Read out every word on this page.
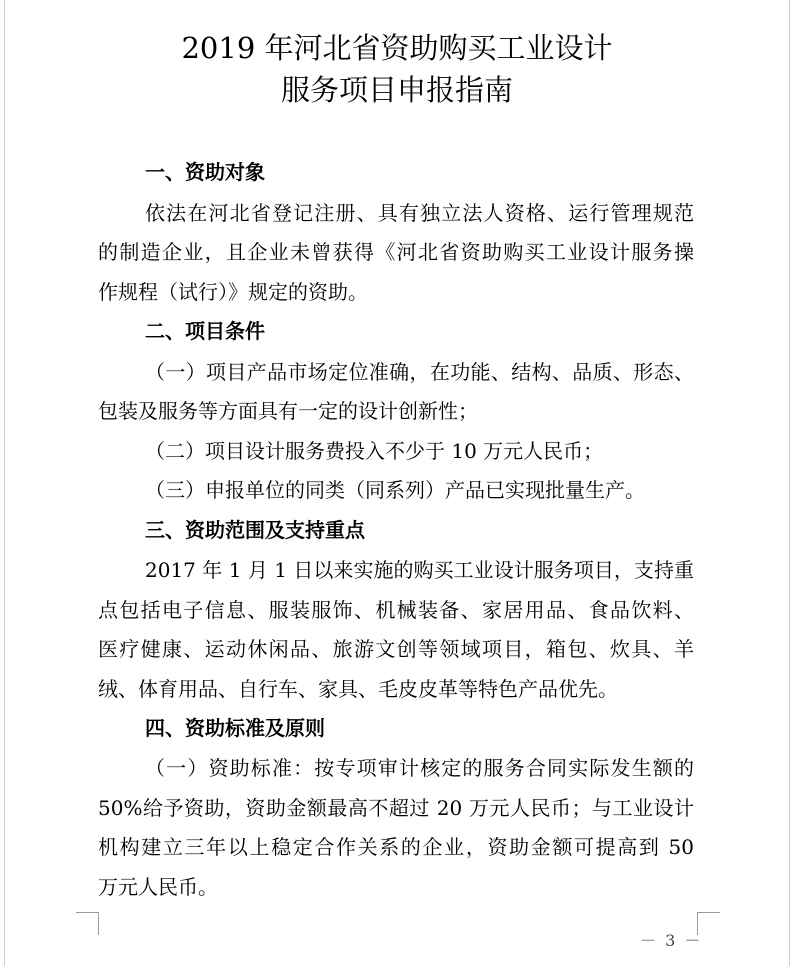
2019 年河北省资助购买工业设计
服务项目申报指南
一、资助对象
依法在河北省登记注册、具有独立法人资格、运行管理规范
的制造企业，且企业未曾获得《河北省资助购买工业设计服务操
作规程（试行）》规定的资助。
二、项目条件
（一）项目产品市场定位准确，在功能、结构、品质、形态、
包装及服务等方面具有一定的设计创新性；
（二）项目设计服务费投入不少于 10 万元人民币；
（三）申报单位的同类（同系列）产品已实现批量生产。
三、资助范围及支持重点
2017 年 1 月 1 日以来实施的购买工业设计服务项目，支持重
点包括电子信息、服装服饰、机械装备、家居用品、食品饮料、
医疗健康、运动休闲品、旅游文创等领域项目，箱包、炊具、羊
绒、体育用品、自行车、家具、毛皮皮革等特色产品优先。
四、资助标准及原则
（一）资助标准：按专项审计核定的服务合同实际发生额的
50%给予资助，资助金额最高不超过 20 万元人民币；与工业设计
机构建立三年以上稳定合作关系的企业，资助金额可提高到 50
万元人民币。
－ 3 －
